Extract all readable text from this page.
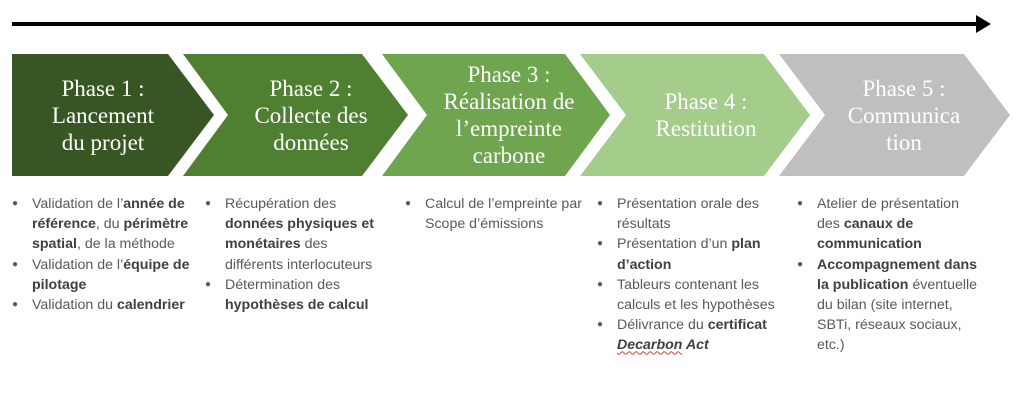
Phase 1 :
Lancement
du projet
Phase 2 :
Collecte des
données
Phase 3 :
Réalisation de
l’empreinte
carbone
Phase 4 :
Restitution
Phase 5 :
Communica
tion
● Validation de l’année de référence, du périmètre spatial, de la méthode
● Validation de l’équipe de pilotage
● Validation du calendrier
● Récupération des données physiques et monétaires des différents interlocuteurs
● Détermination des hypothèses de calcul
● Calcul de l’empreinte par Scope d’émissions
● Présentation orale des résultats
● Présentation d’un plan d’action
● Tableurs contenant les calculs et les hypothèses
● Délivrance du certificat Decarbon Act
● Atelier de présentation des canaux de communication
● Accompagnement dans la publication éventuelle du bilan (site internet, SBTi, réseaux sociaux, etc.)
